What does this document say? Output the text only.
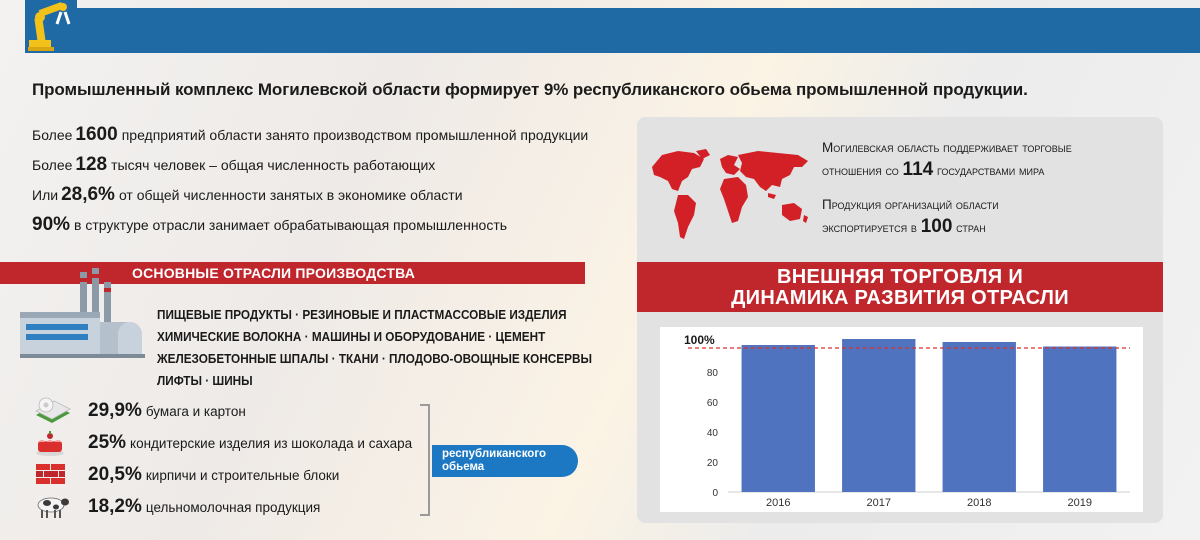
Промышленный комплекс Могилевской области формирует 9% республиканского обьема промышленной продукции.
Более 1600 предприятий области занято производством промышленной продукции
Более 128 тысяч человек – общая численность работающих
Или 28,6% от общей численности занятых в экономике области
90% в структуре отрасли занимает обрабатывающая промышленность
ОСНОВНЫЕ ОТРАСЛИ ПРОИЗВОДСТВА
ПИЩЕВЫЕ ПРОДУКТЫ · РЕЗИНОВЫЕ И ПЛАСТМАССОВЫЕ ИЗДЕЛИЯ
ХИМИЧЕСКИЕ ВОЛОКНА · МАШИНЫ И ОБОРУДОВАНИЕ · ЦЕМЕНТ
ЖЕЛЕЗОБЕТОННЫЕ ШПАЛЫ · ТКАНИ · ПЛОДОВО-ОВОЩНЫЕ КОНСЕРВЫ
ЛИФТЫ · ШИНЫ
29,9% бумага и картон
25% кондитерские изделия из шоколада и сахара
20,5% кирпичи и строительные блоки
18,2% цельномолочная продукция
республиканского
обьема

Могилевская область поддерживает торговые
отношения со 114 государствами мира

Продукция организаций области
экспортируется в 100 стран

ВНЕШНЯЯ ТОРГОВЛЯ И
ДИНАМИКА РАЗВИТИЯ ОТРАСЛИ
0
20
40
60
80
2016	2017	2018	2019
100%
